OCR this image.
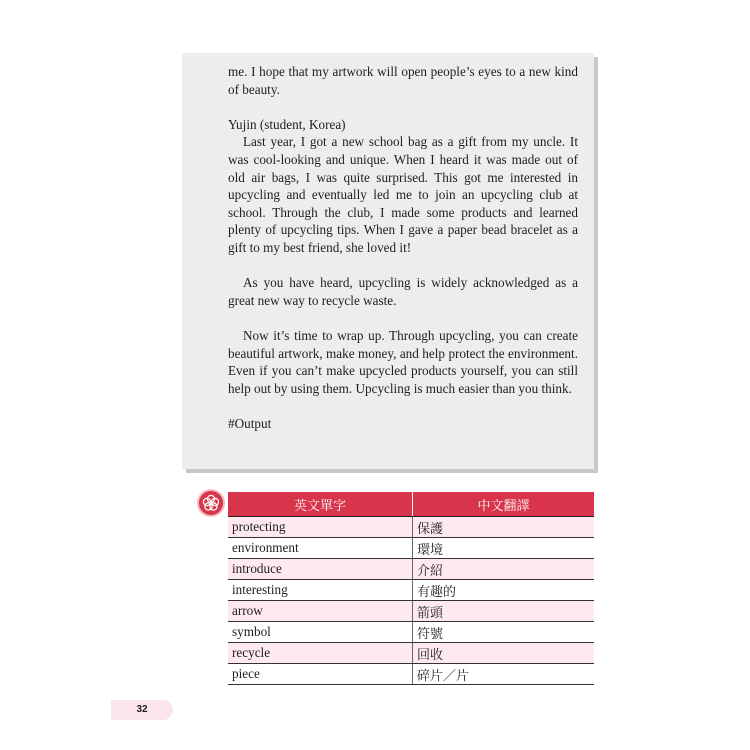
me. I hope that my artwork will open people’s eyes to a new kind of beauty.

Yujin (student, Korea)

Last year, I got a new school bag as a gift from my uncle. It was cool-looking and unique. When I heard it was made out of old air bags, I was quite surprised. This got me interested in upcycling and eventually led me to join an upcycling club at school. Through the club, I made some products and learned plenty of upcycling tips. When I gave a paper bead bracelet as a gift to my best friend, she loved it!

As you have heard, upcycling is widely acknowledged as a great new way to recycle waste.

Now it’s time to wrap up. Through upcycling, you can create beautiful artwork, make money, and help protect the environment. Even if you can’t make upcycled products yourself, you can still help out by using them. Upcycling is much easier than you think.

#Output

英文單字	中文翻譯
protecting	保護
environment	環境
introduce	介紹
interesting	有趣的
arrow	箭頭
symbol	符號
recycle	回收
piece	碎片／片
32
